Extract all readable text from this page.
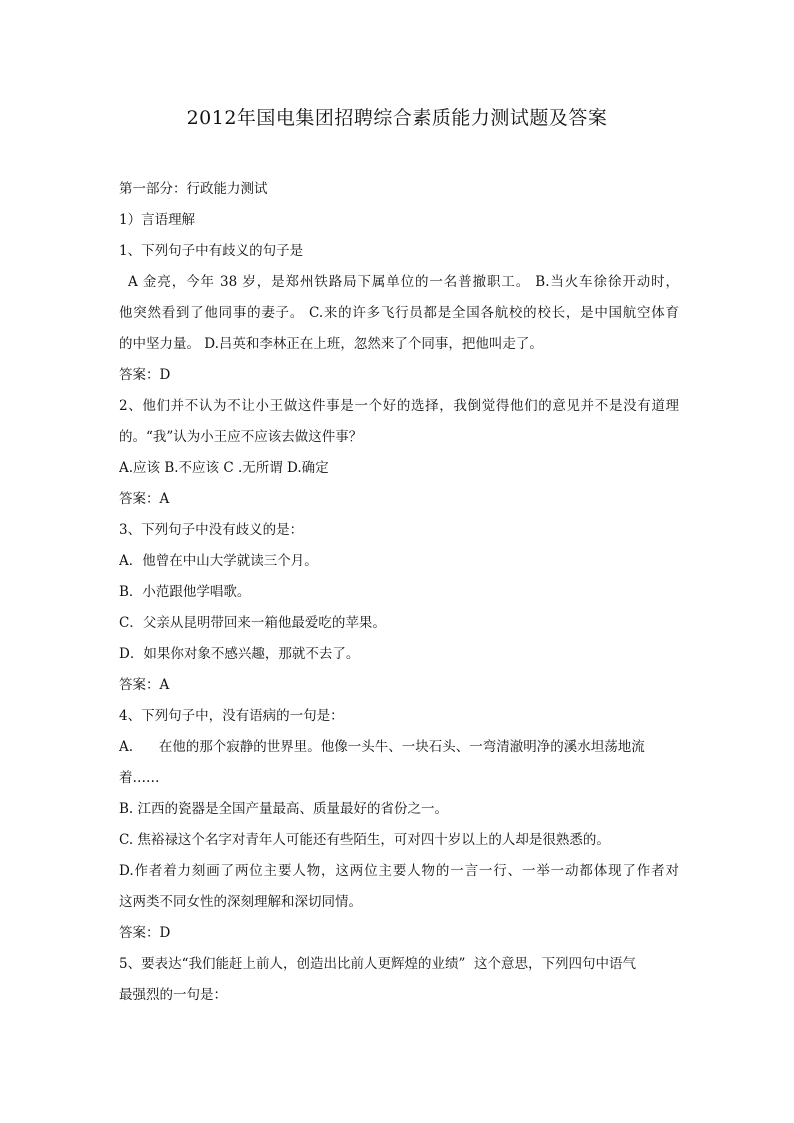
2012年国电集团招聘综合素质能力测试题及答案
第一部分：行政能力测试
1）言语理解
1、下列句子中有歧义的句子是
A 金亮，今年 38 岁，是郑州铁路局下属单位的一名普撤职工。 B.当火车徐徐开动时，
他突然看到了他同事的妻子。 C.来的许多飞行员都是全国各航校的校长，是中国航空体育
的中坚力量。 D.吕英和李林正在上班，忽然来了个同事，把他叫走了。
答案：D
2、他们并不认为不让小王做这件事是一个好的选择，我倒觉得他们的意见并不是没有道理
的。“我”认为小王应不应该去做这件事？
A.应该 B.不应该 C .无所谓 D.确定
答案：A
3、下列句子中没有歧义的是：
A．他曾在中山大学就读三个月。
B．小范跟他学唱歌。
C．父亲从昆明带回来一箱他最爱吃的苹果。
D．如果你对象不感兴趣，那就不去了。
答案：A
4、下列句子中，没有语病的一句是：
A.      在他的那个寂静的世界里。他像一头牛、一块石头、一弯清澈明净的溪水坦荡地流
着……
B. 江西的瓷器是全国产量最高、质量最好的省份之一。
C. 焦裕禄这个名字对青年人可能还有些陌生，可对四十岁以上的人却是很熟悉的。
D.作者着力刻画了两位主要人物，这两位主要人物的一言一行、一举一动都体现了作者对
这两类不同女性的深刻理解和深切同情。
答案：D
5、要表达“我们能赶上前人，创造出比前人更辉煌的业绩”  这个意思，下列四句中语气
最强烈的一句是：
